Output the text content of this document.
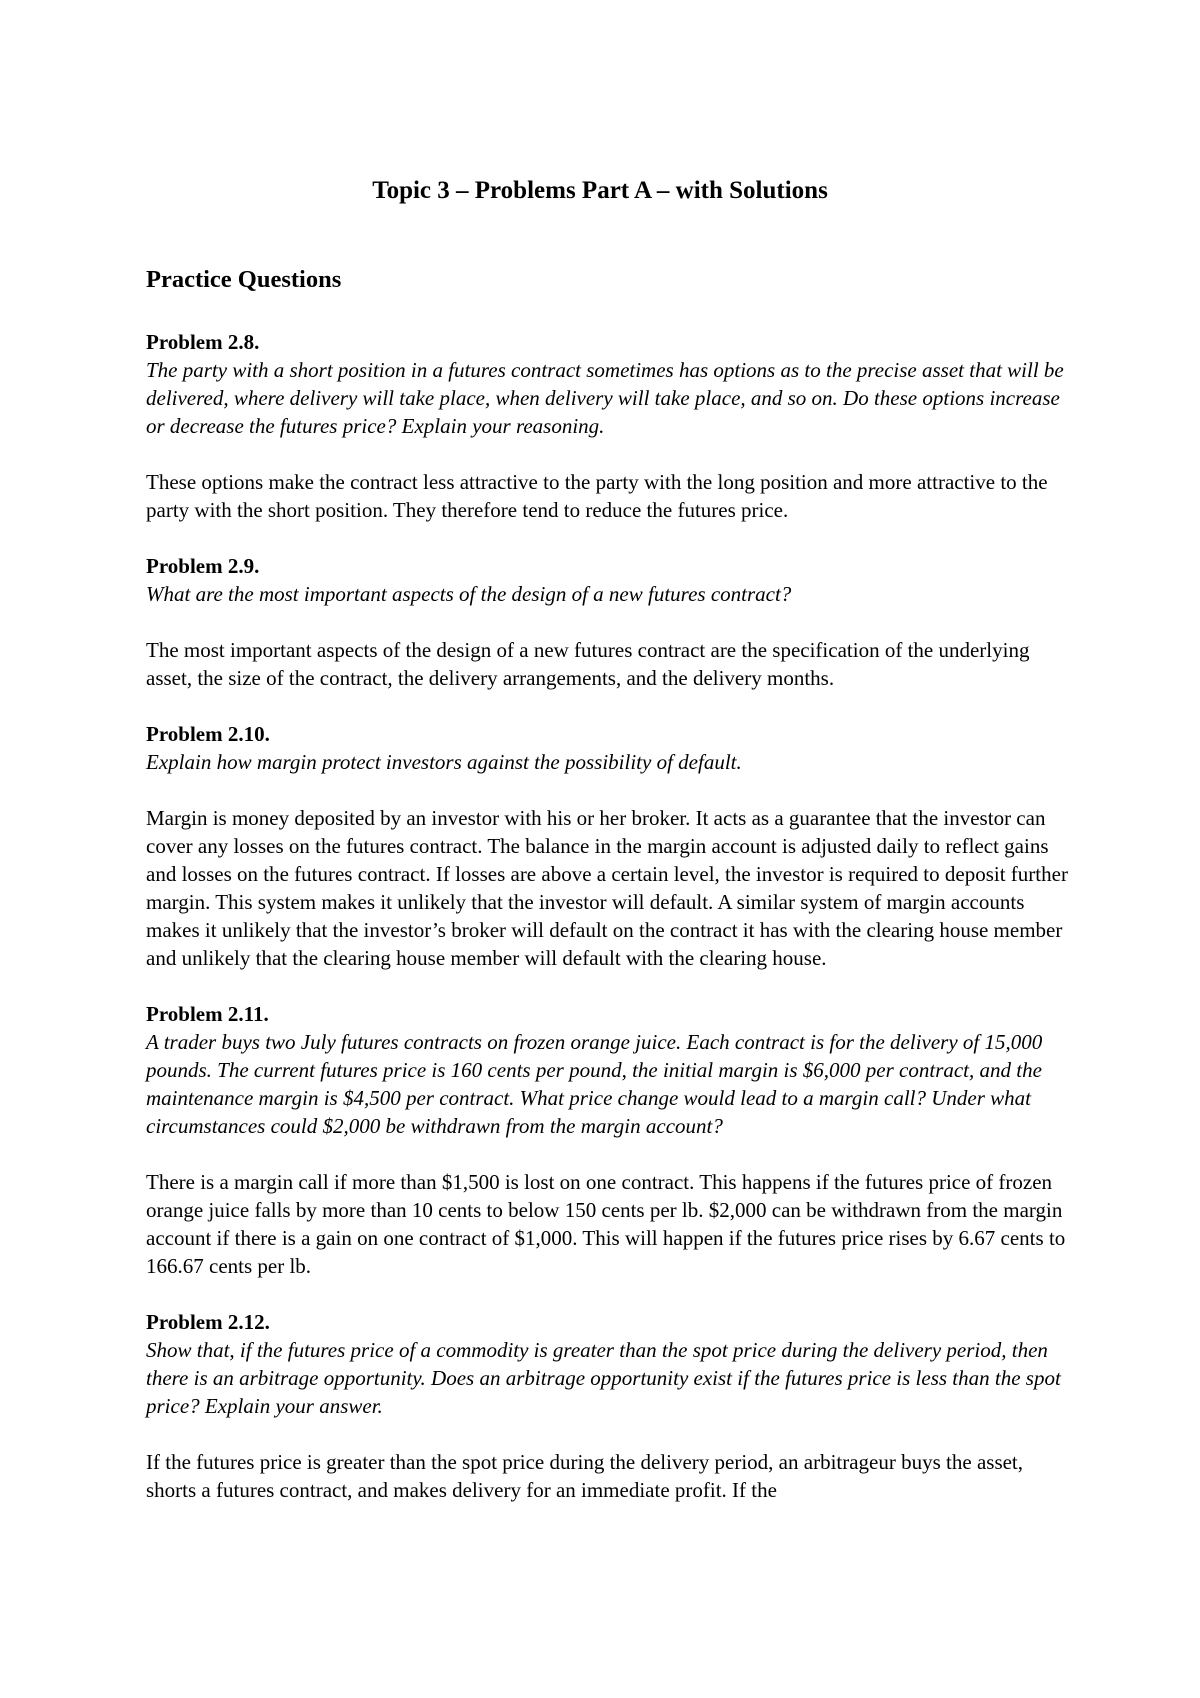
Topic 3 – Problems Part A – with Solutions
Practice Questions

Problem 2.8.

The party with a short position in a futures contract sometimes has options as to the precise asset that will be delivered, where delivery will take place, when delivery will take place, and so on. Do these options increase or decrease the futures price? Explain your reasoning.

These options make the contract less attractive to the party with the long position and more attractive to the party with the short position. They therefore tend to reduce the futures price.

Problem 2.9.

What are the most important aspects of the design of a new futures contract?

The most important aspects of the design of a new futures contract are the specification of the underlying asset, the size of the contract, the delivery arrangements, and the delivery months.

Problem 2.10.

Explain how margin protect investors against the possibility of default.

Margin is money deposited by an investor with his or her broker. It acts as a guarantee that the investor can cover any losses on the futures contract. The balance in the margin account is adjusted daily to reflect gains and losses on the futures contract. If losses are above a certain level, the investor is required to deposit further margin. This system makes it unlikely that the investor will default. A similar system of margin accounts makes it unlikely that the investor’s broker will default on the contract it has with the clearing house member and unlikely that the clearing house member will default with the clearing house.

Problem 2.11.

A trader buys two July futures contracts on frozen orange juice. Each contract is for the delivery of 15,000 pounds. The current futures price is 160 cents per pound, the initial margin is $6,000 per contract, and the maintenance margin is $4,500 per contract. What price change would lead to a margin call? Under what circumstances could $2,000 be withdrawn from the margin account?

There is a margin call if more than $1,500 is lost on one contract. This happens if the futures price of frozen orange juice falls by more than 10 cents to below 150 cents per lb. $2,000 can be withdrawn from the margin account if there is a gain on one contract of $1,000. This will happen if the futures price rises by 6.67 cents to 166.67 cents per lb.

Problem 2.12.

Show that, if the futures price of a commodity is greater than the spot price during the delivery period, then there is an arbitrage opportunity. Does an arbitrage opportunity exist if the futures price is less than the spot price? Explain your answer.

If the futures price is greater than the spot price during the delivery period, an arbitrageur buys the asset, shorts a futures contract, and makes delivery for an immediate profit. If the
